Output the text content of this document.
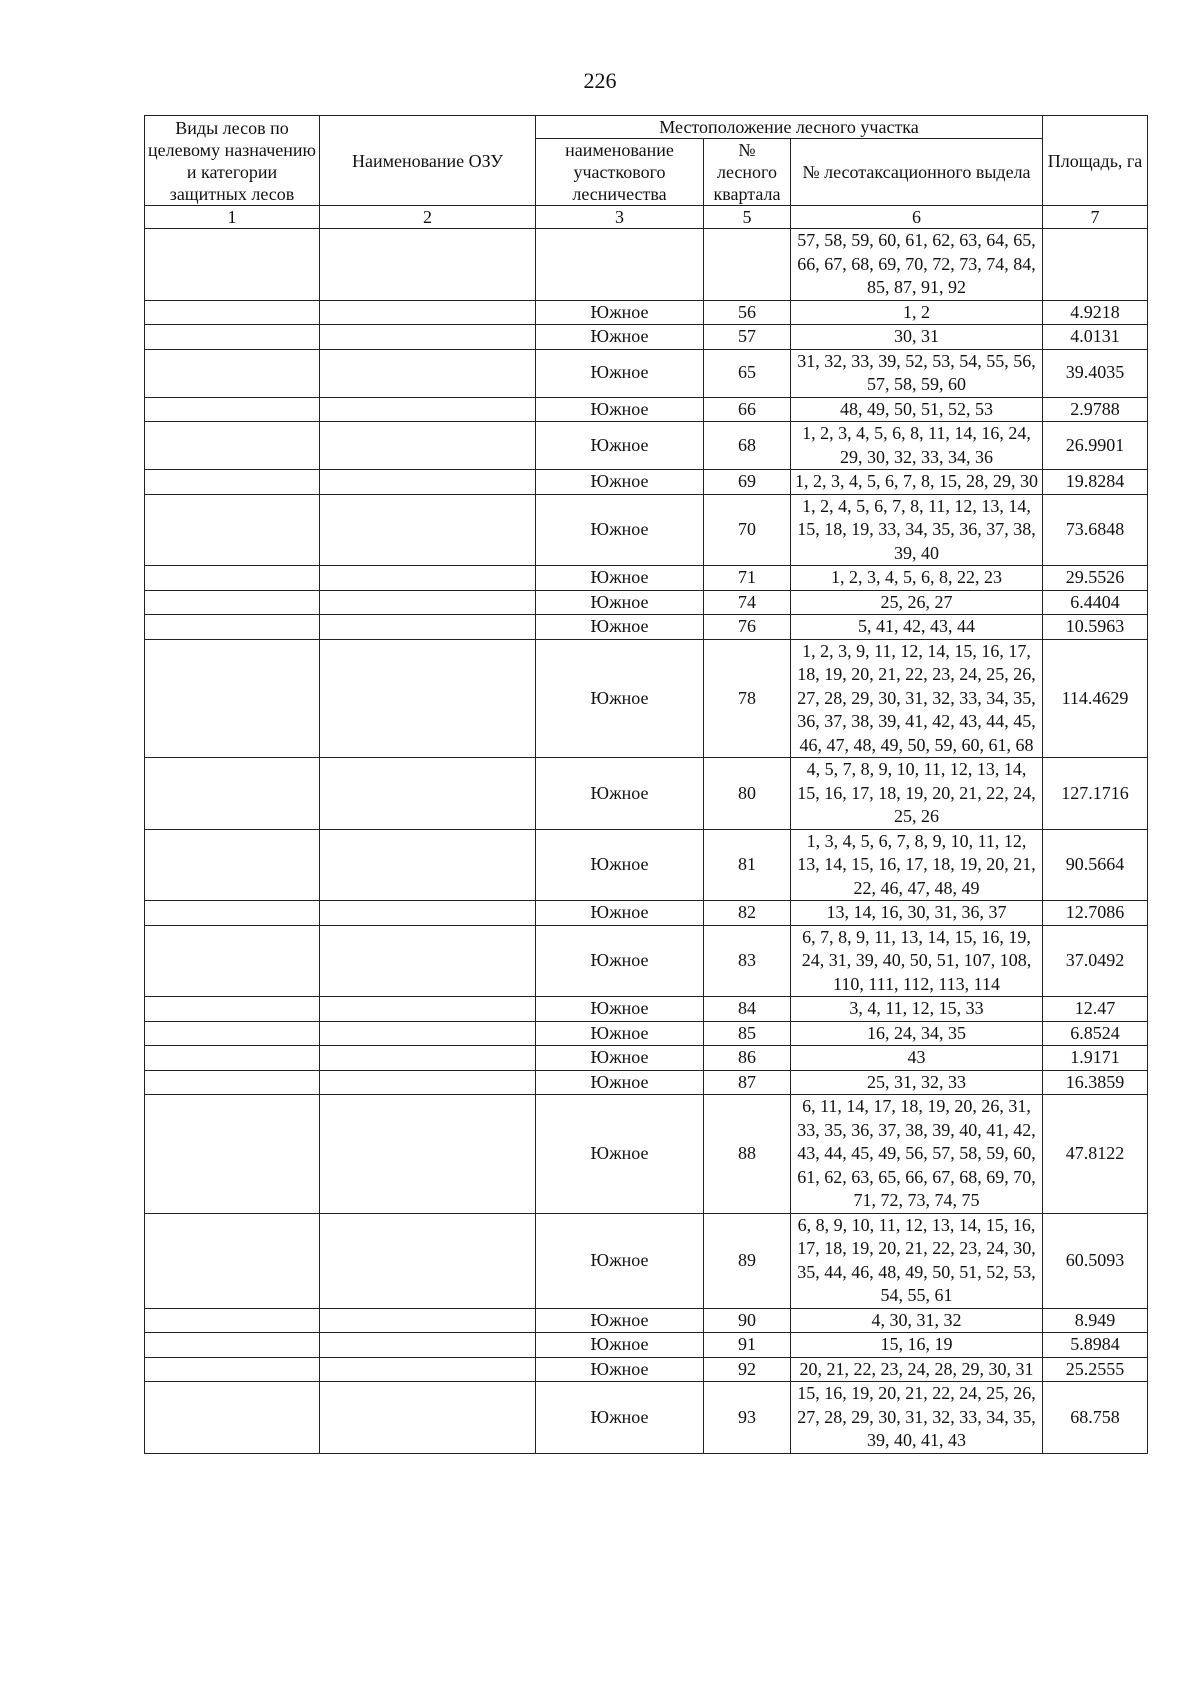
226
Виды лесов по целевому назначению и категории защитных лесов	Наименование ОЗУ	Местоположение лесного участка			Площадь, га
		наименование участкового лесничества	№ лесного квартала	№ лесотаксационного выдела	
1	2	3	5	6	7
				57, 58, 59, 60, 61, 62, 63, 64, 65, 66, 67, 68, 69, 70, 72, 73, 74, 84, 85, 87, 91, 92	
		Южное	56	1, 2	4.9218
		Южное	57	30, 31	4.0131
		Южное	65	31, 32, 33, 39, 52, 53, 54, 55, 56, 57, 58, 59, 60	39.4035
		Южное	66	48, 49, 50, 51, 52, 53	2.9788
		Южное	68	1, 2, 3, 4, 5, 6, 8, 11, 14, 16, 24, 29, 30, 32, 33, 34, 36	26.9901
		Южное	69	1, 2, 3, 4, 5, 6, 7, 8, 15, 28, 29, 30	19.8284
		Южное	70	1, 2, 4, 5, 6, 7, 8, 11, 12, 13, 14, 15, 18, 19, 33, 34, 35, 36, 37, 38, 39, 40	73.6848
		Южное	71	1, 2, 3, 4, 5, 6, 8, 22, 23	29.5526
		Южное	74	25, 26, 27	6.4404
		Южное	76	5, 41, 42, 43, 44	10.5963
		Южное	78	1, 2, 3, 9, 11, 12, 14, 15, 16, 17, 18, 19, 20, 21, 22, 23, 24, 25, 26, 27, 28, 29, 30, 31, 32, 33, 34, 35, 36, 37, 38, 39, 41, 42, 43, 44, 45, 46, 47, 48, 49, 50, 59, 60, 61, 68	114.4629
		Южное	80	4, 5, 7, 8, 9, 10, 11, 12, 13, 14, 15, 16, 17, 18, 19, 20, 21, 22, 24, 25, 26	127.1716
		Южное	81	1, 3, 4, 5, 6, 7, 8, 9, 10, 11, 12, 13, 14, 15, 16, 17, 18, 19, 20, 21, 22, 46, 47, 48, 49	90.5664
		Южное	82	13, 14, 16, 30, 31, 36, 37	12.7086
		Южное	83	6, 7, 8, 9, 11, 13, 14, 15, 16, 19, 24, 31, 39, 40, 50, 51, 107, 108, 110, 111, 112, 113, 114	37.0492
		Южное	84	3, 4, 11, 12, 15, 33	12.47
		Южное	85	16, 24, 34, 35	6.8524
		Южное	86	43	1.9171
		Южное	87	25, 31, 32, 33	16.3859
		Южное	88	6, 11, 14, 17, 18, 19, 20, 26, 31, 33, 35, 36, 37, 38, 39, 40, 41, 42, 43, 44, 45, 49, 56, 57, 58, 59, 60, 61, 62, 63, 65, 66, 67, 68, 69, 70, 71, 72, 73, 74, 75	47.8122
		Южное	89	6, 8, 9, 10, 11, 12, 13, 14, 15, 16, 17, 18, 19, 20, 21, 22, 23, 24, 30, 35, 44, 46, 48, 49, 50, 51, 52, 53, 54, 55, 61	60.5093
		Южное	90	4, 30, 31, 32	8.949
		Южное	91	15, 16, 19	5.8984
		Южное	92	20, 21, 22, 23, 24, 28, 29, 30, 31	25.2555
		Южное	93	15, 16, 19, 20, 21, 22, 24, 25, 26, 27, 28, 29, 30, 31, 32, 33, 34, 35, 39, 40, 41, 43	68.758
